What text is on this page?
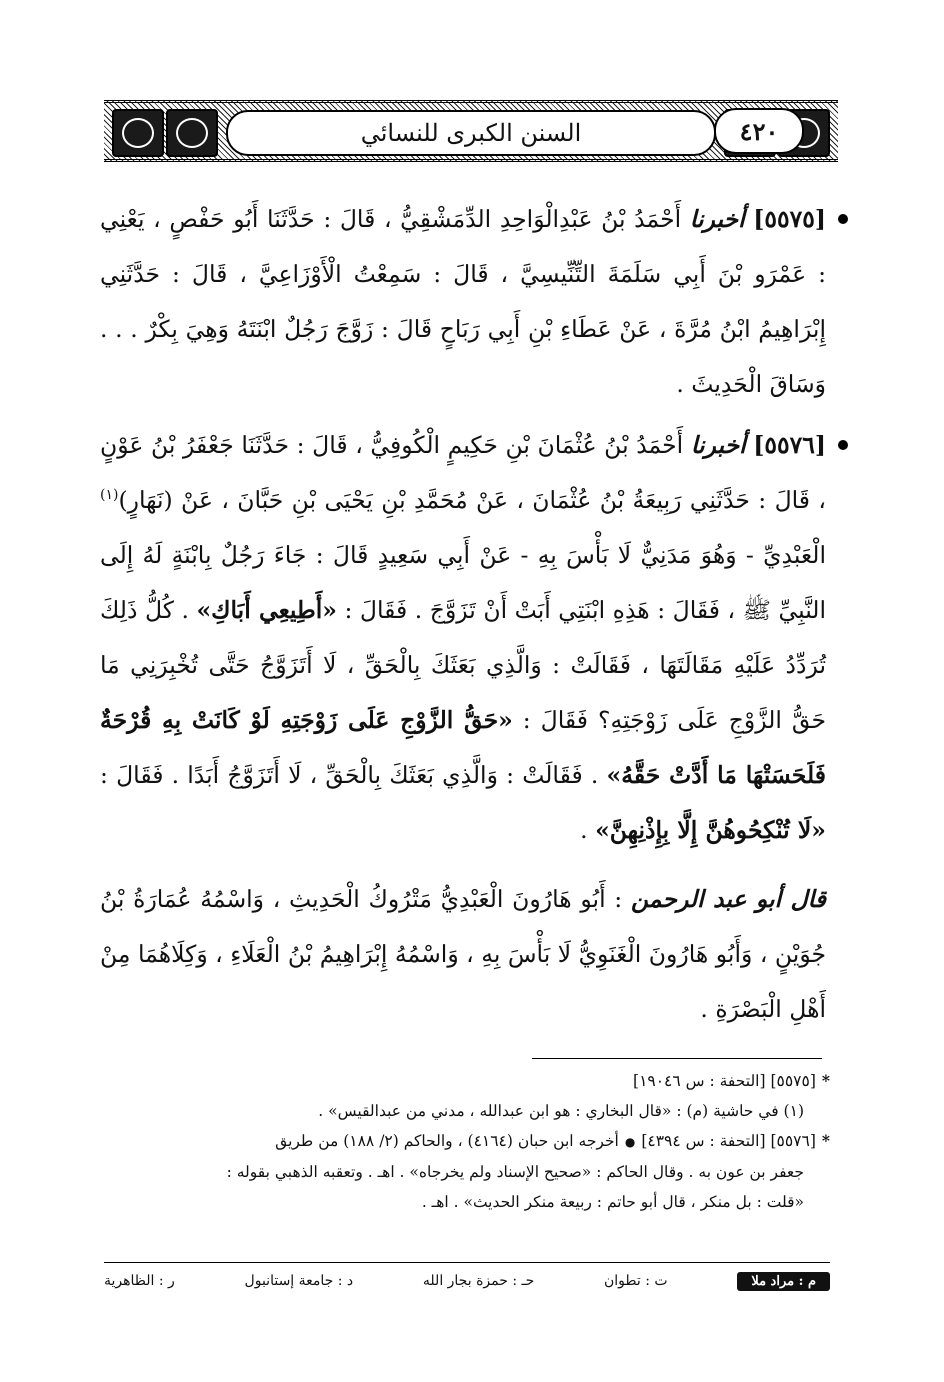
السنن الكبرى للنسائي	٤٢٠

[٥٥٧٥] أخبرنا أَحْمَدُ بْنُ عَبْدِالْوَاحِدِ الدِّمَشْقِيُّ ، قَالَ : حَدَّثَنَا أَبُو حَفْصٍ ، يَعْنِي : عَمْرَو بْنَ أَبِي سَلَمَةَ التِّنِّيسِيَّ ، قَالَ : سَمِعْتُ الْأَوْزَاعِيَّ ، قَالَ : حَدَّثَنِي إِبْرَاهِيمُ ابْنُ مُرَّةَ ، عَنْ عَطَاءِ بْنِ أَبِي رَبَاحٍ قَالَ : زَوَّجَ رَجُلٌ ابْنَتَهُ وَهِيَ بِكْرٌ . . . وَسَاقَ الْحَدِيثَ .

[٥٥٧٦] أخبرنا أَحْمَدُ بْنُ عُثْمَانَ بْنِ حَكِيمٍ الْكُوفِيُّ ، قَالَ : حَدَّثَنَا جَعْفَرُ بْنُ عَوْنٍ ، قَالَ : حَدَّثَنِي رَبِيعَةُ بْنُ عُثْمَانَ ، عَنْ مُحَمَّدِ بْنِ يَحْيَى بْنِ حَبَّانَ ، عَنْ (نَهَارٍ)$^{(١)}$ الْعَبْدِيِّ - وَهُوَ مَدَنِيٌّ لَا بَأْسَ بِهِ - عَنْ أَبِي سَعِيدٍ قَالَ : جَاءَ رَجُلٌ بِابْنَةٍ لَهُ إِلَى النَّبِيِّ ﷺ ، فَقَالَ : هَذِهِ ابْنَتِي أَبَتْ أَنْ تَزَوَّجَ . فَقَالَ : «أَطِيعِي أَبَاكِ» . كُلُّ ذَلِكَ تُرَدِّدُ عَلَيْهِ مَقَالَتَهَا ، فَقَالَتْ : وَالَّذِي بَعَثَكَ بِالْحَقِّ ، لَا أَتَزَوَّجُ حَتَّى تُخْبِرَنِي مَا حَقُّ الزَّوْجِ عَلَى زَوْجَتِهِ؟ فَقَالَ : «حَقُّ الزَّوْجِ عَلَى زَوْجَتِهِ لَوْ كَانَتْ بِهِ قُرْحَةٌ فَلَحَسَتْهَا مَا أَدَّتْ حَقَّهُ» . فَقَالَتْ : وَالَّذِي بَعَثَكَ بِالْحَقِّ ، لَا أَتَزَوَّجُ أَبَدًا . فَقَالَ : «لَا تُنْكِحُوهُنَّ إِلَّا بِإِذْنِهِنَّ» .

قال أبو عبد الرحمن : أَبُو هَارُونَ الْعَبْدِيُّ مَتْرُوكُ الْحَدِيثِ ، وَاسْمُهُ عُمَارَةُ بْنُ جُوَيْنٍ ، وَأَبُو هَارُونَ الْغَنَوِيُّ لَا بَأْسَ بِهِ ، وَاسْمُهُ إِبْرَاهِيمُ بْنُ الْعَلَاءِ ، وَكِلَاهُمَا مِنْ أَهْلِ الْبَصْرَةِ .

*[٥٥٧٥] [التحفة : س ١٩٠٤٦]

(١) في حاشية (م) : «قال البخاري : هو ابن عبدالله ، مدني من عبدالقيس» .

*[٥٥٧٦] [التحفة : س ٤٣٩٤]●أخرجه ابن حبان (٤١٦٤) ، والحاكم (٢/ ١٨٨) من طريق

جعفر بن عون به . وقال الحاكم : «صحيح الإسناد ولم يخرجاه» . اهـ . وتعقبه الذهبي بقوله :

«قلت : بل منكر ، قال أبو حاتم : ربيعة منكر الحديث» . اهـ .

م : مراد ملا
ت : تطوان
حـ : حمزة بجار الله
د : جامعة إستانبول
ر : الظاهرية
